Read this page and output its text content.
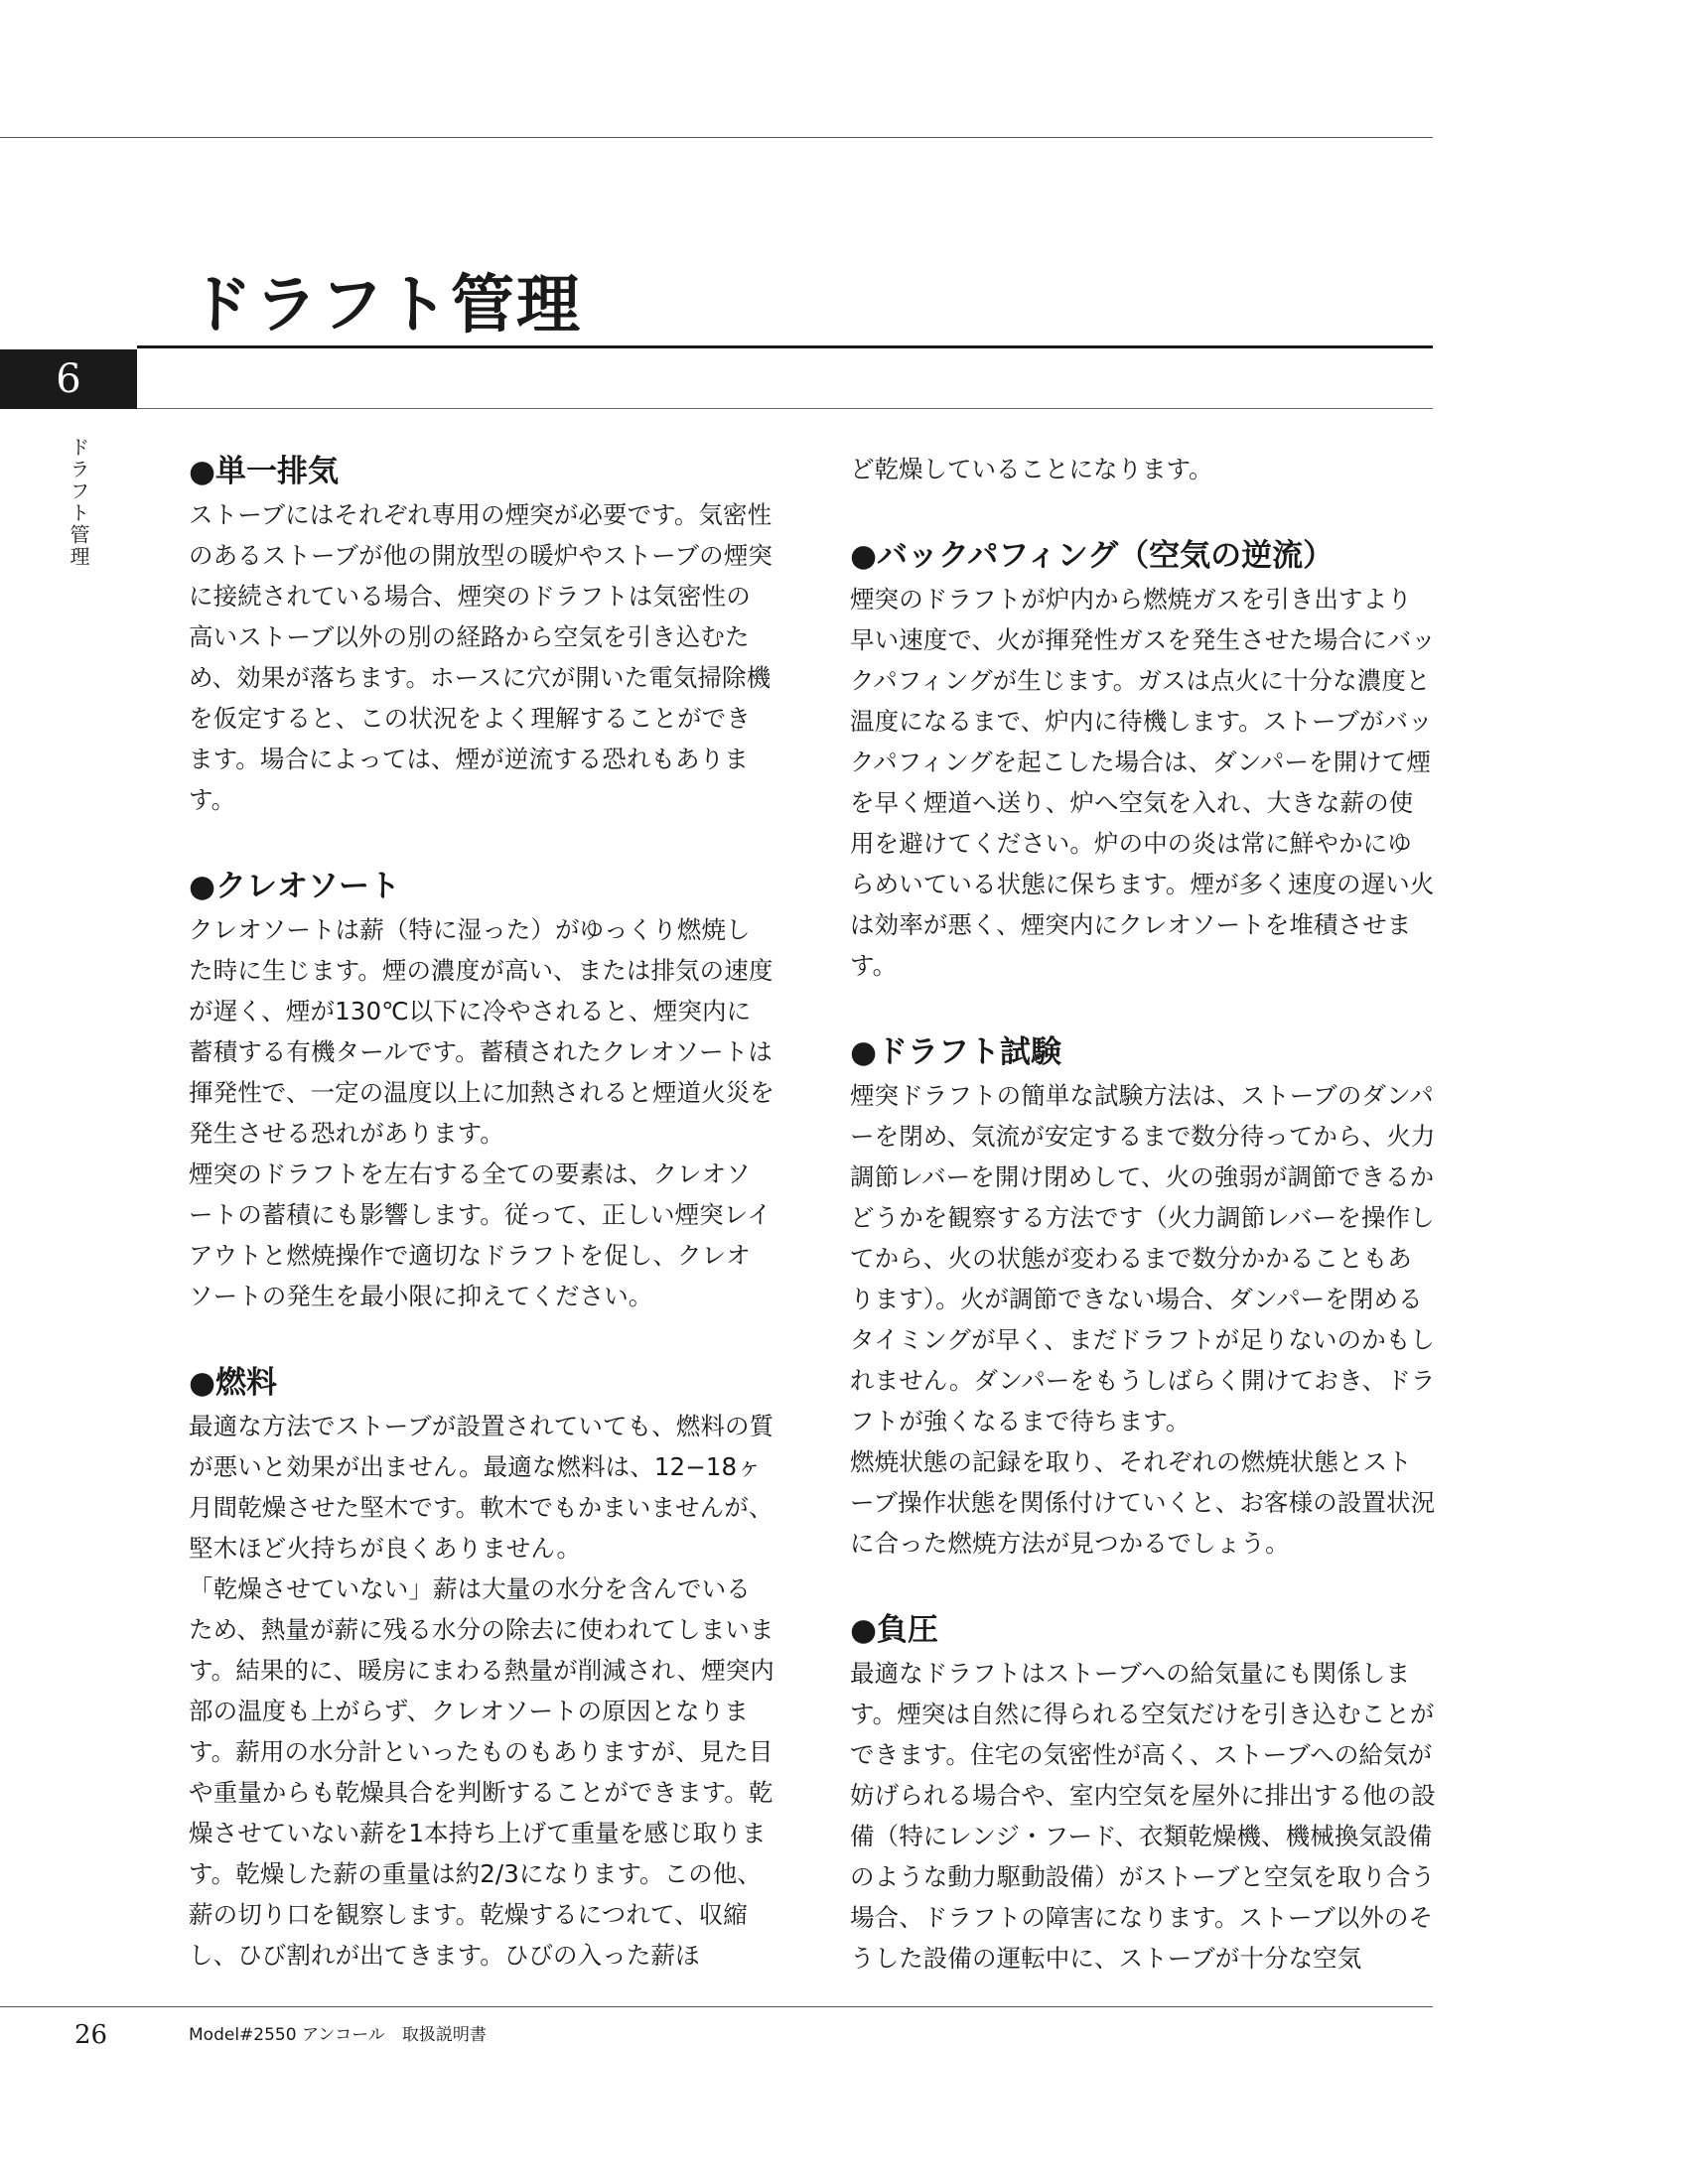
ドラフト管理
6
ドラフト管理	●単一排気

ストーブにはそれぞれ専用の煙突が必要です。気密性のあるストーブが他の開放型の暖炉やストーブの煙突に接続されている場合、煙突のドラフトは気密性の高いストーブ以外の別の経路から空気を引き込むため、効果が落ちます。ホースに穴が開いた電気掃除機を仮定すると、この状況をよく理解することができます。場合によっては、煙が逆流する恐れもあります。

●クレオソート

クレオソートは薪（特に湿った）がゆっくり燃焼した時に生じます。煙の濃度が高い、または排気の速度が遅く、煙が130℃以下に冷やされると、煙突内に蓄積する有機タールです。蓄積されたクレオソートは揮発性で、一定の温度以上に加熱されると煙道火災を発生させる恐れがあります。

煙突のドラフトを左右する全ての要素は、クレオソートの蓄積にも影響します。従って、正しい煙突レイアウトと燃焼操作で適切なドラフトを促し、クレオソートの発生を最小限に抑えてください。

●燃料

最適な方法でストーブが設置されていても、燃料の質が悪いと効果が出ません。最適な燃料は、12−18ヶ月間乾燥させた堅木です。軟木でもかまいませんが、堅木ほど火持ちが良くありません。

「乾燥させていない」薪は大量の水分を含んでいるため、熱量が薪に残る水分の除去に使われてしまいます。結果的に、暖房にまわる熱量が削減され、煙突内部の温度も上がらず、クレオソートの原因となります。薪用の水分計といったものもありますが、見た目や重量からも乾燥具合を判断することができます。乾燥させていない薪を1本持ち上げて重量を感じ取ります。乾燥した薪の重量は約2/3になります。この他、薪の切り口を観察します。乾燥するにつれて、収縮し、ひび割れが出てきます。ひびの入った薪ほ

ど乾燥していることになります。

●バックパフィング（空気の逆流）

煙突のドラフトが炉内から燃焼ガスを引き出すより早い速度で、火が揮発性ガスを発生させた場合にバックパフィングが生じます。ガスは点火に十分な濃度と温度になるまで、炉内に待機します。ストーブがバックパフィングを起こした場合は、ダンパーを開けて煙を早く煙道へ送り、炉へ空気を入れ、大きな薪の使用を避けてください。炉の中の炎は常に鮮やかにゆらめいている状態に保ちます。煙が多く速度の遅い火は効率が悪く、煙突内にクレオソートを堆積させます。

●ドラフト試験

煙突ドラフトの簡単な試験方法は、ストーブのダンパーを閉め、気流が安定するまで数分待ってから、火力調節レバーを開け閉めして、火の強弱が調節できるかどうかを観察する方法です（火力調節レバーを操作してから、火の状態が変わるまで数分かかることもあります）。火が調節できない場合、ダンパーを閉めるタイミングが早く、まだドラフトが足りないのかもしれません。ダンパーをもうしばらく開けておき、ドラフトが強くなるまで待ちます。

燃焼状態の記録を取り、それぞれの燃焼状態とストーブ操作状態を関係付けていくと、お客様の設置状況に合った燃焼方法が見つかるでしょう。

●負圧

最適なドラフトはストーブへの給気量にも関係します。煙突は自然に得られる空気だけを引き込むことができます。住宅の気密性が高く、ストーブへの給気が妨げられる場合や、室内空気を屋外に排出する他の設備（特にレンジ・フード、衣類乾燥機、機械換気設備のような動力駆動設備）がストーブと空気を取り合う場合、ドラフトの障害になります。ストーブ以外のそうした設備の運転中に、ストーブが十分な空気

26	Model#2550 アンコール　取扱説明書
